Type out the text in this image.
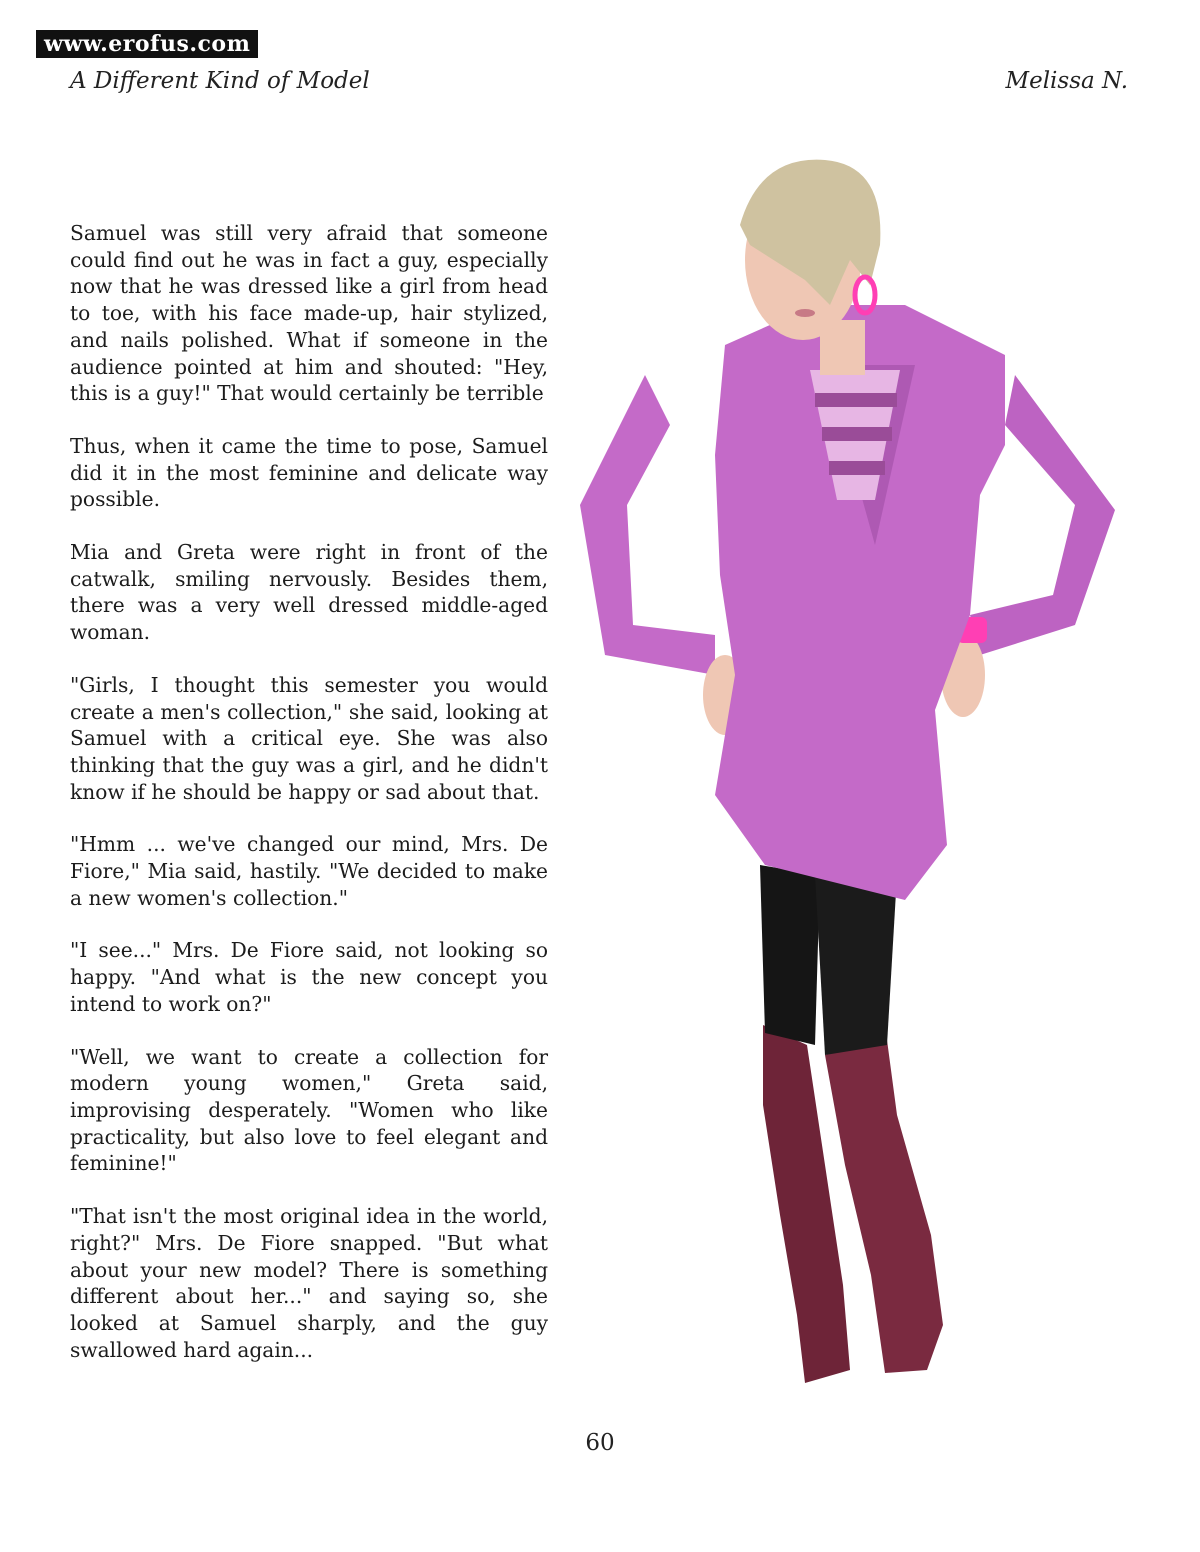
www.erofus.com
A Different Kind of Model	Melissa N.

Samuel was still very afraid that someone could find out he was in fact a guy, especially now that he was dressed like a girl from head to toe, with his face made-up, hair stylized, and nails polished. What if someone in the audience pointed at him and shouted: "Hey, this is a guy!" That would certainly be terrible

Thus, when it came the time to pose, Samuel did it in the most feminine and delicate way possible.

Mia and Greta were right in front of the catwalk, smiling nervously. Besides them, there was a very well dressed middle-aged woman.

"Girls, I thought this semester you would create a men's collection," she said, looking at Samuel with a critical eye. She was also thinking that the guy was a girl, and he didn't know if he should be happy or sad about that.

"Hmm ... we've changed our mind, Mrs. De Fiore," Mia said, hastily. "We decided to make a new women's collection."

"I see..." Mrs. De Fiore said, not looking so happy. "And what is the new concept you intend to work on?"

"Well, we want to create a collection for modern young women," Greta said, improvising desperately. "Women who like practicality, but also love to feel elegant and feminine!"

"That isn't the most original idea in the world, right?" Mrs. De Fiore snapped. "But what about your new model? There is something different about her..." and saying so, she looked at Samuel sharply, and the guy swallowed hard again...

60
